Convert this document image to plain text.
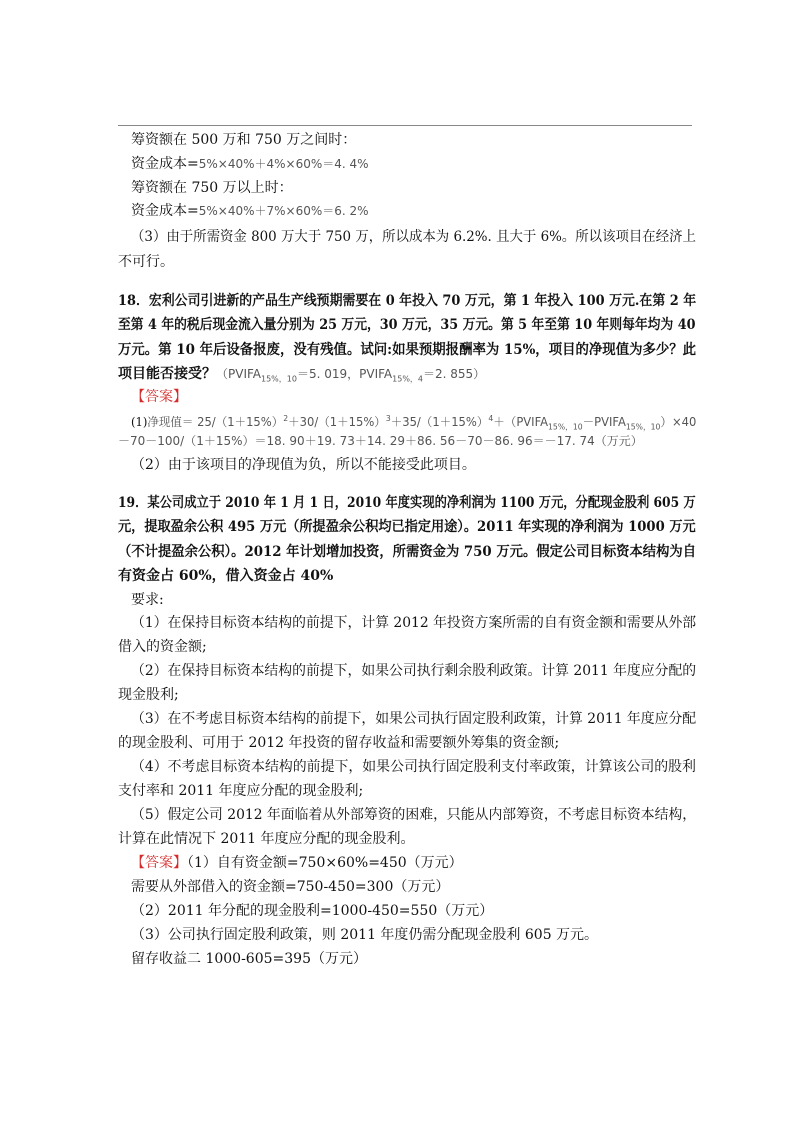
筹资额在 500 万和 750 万之间时：
资金成本=5%×40%＋4%×60%＝4. 4%
筹资额在 750 万以上时：
资金成本=5%×40%＋7%×60%＝6. 2%
（3）由于所需资金 800 万大于 750 万，所以成本为 6.2%. 且大于 6%。所以该项目在经济上
不可行。
18．宏利公司引进新的产品生产线预期需要在 0 年投入 70 万元，第 1 年投入 100 万元.在第 2 年
至第 4 年的税后现金流入量分别为 25 万元，30 万元，35 万元。第 5 年至第 10 年则每年均为 40
万元。第 10 年后设备报废，没有残值。试问:如果预期报酬率为 15%，项目的净现值为多少？此
项目能否接受？（$PVIFA_{15\%,10}=5$. 019，$PVIFA_{15\%,4}=2$. 855）
【答案】
(1)净现值＝ $25/(1+15\%)^2+30/(1+15\%)^3+35/(1+15\%)^4+(PVIFA_{15\%,10}-PVIFA_{15\%,10})\times 40$
－70－100/（1＋15%）＝18. 90＋19. 73＋14. 29＋86. 56－70－86. 96＝－17. 74（万元）
（2）由于该项目的净现值为负，所以不能接受此项目。
19．某公司成立于 2010 年 1 月 1 日，2010 年度实现的净利润为 1100 万元，分配现金股利 605 万
元，提取盈余公积 495 万元（所提盈余公积均已指定用途）。2011 年实现的净利润为 1000 万元
（不计提盈余公积）。2012 年计划增加投资，所需资金为 750 万元。假定公司目标资本结构为自
有资金占 60%，借入资金占 40%
要求:
（1）在保持目标资本结构的前提下，计算 2012 年投资方案所需的自有资金额和需要从外部
借入的资金额;
（2）在保持目标资本结构的前提下，如果公司执行剩余股利政策。计算 2011 年度应分配的
现金股利;
（3）在不考虑目标资本结构的前提下，如果公司执行固定股利政策，计算 2011 年度应分配
的现金股利、可用于 2012 年投资的留存收益和需要额外筹集的资金额;
（4）不考虑目标资本结构的前提下，如果公司执行固定股利支付率政策，计算该公司的股利
支付率和 2011 年度应分配的现金股利;
（5）假定公司 2012 年面临着从外部筹资的困难，只能从内部筹资，不考虑目标资本结构，
计算在此情况下 2011 年度应分配的现金股利。
【答案】（1）自有资金额=750×60%=450（万元）
需要从外部借入的资金额=750-450=300（万元）
（2）2011 年分配的现金股利=1000-450=550（万元）
（3）公司执行固定股利政策，则 2011 年度仍需分配现金股利 605 万元。
留存收益二 1000-605=395（万元）
